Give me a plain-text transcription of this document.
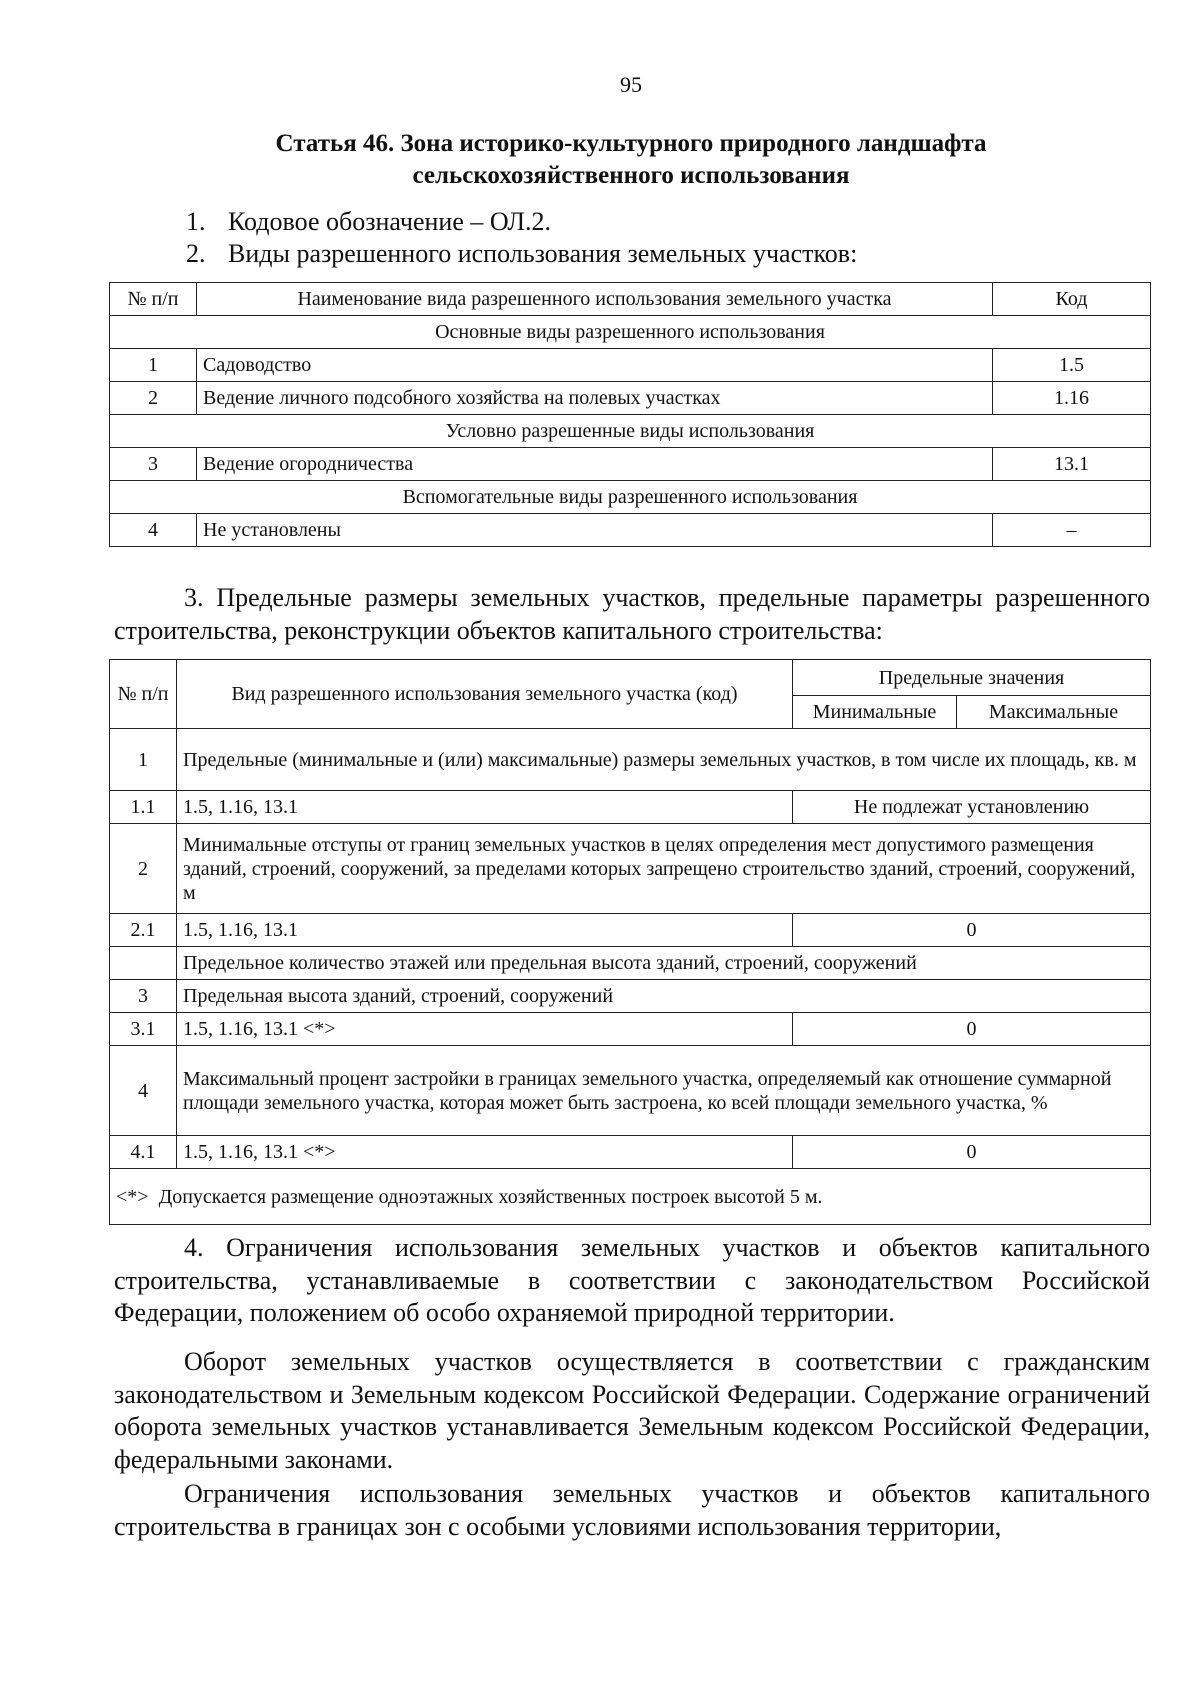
95
Статья 46. Зона историко-культурного природного ландшафта
сельскохозяйственного использования
1. Кодовое обозначение – ОЛ.2.
2. Виды разрешенного использования земельных участков:
№ п/п	Наименование вида разрешенного использования земельного участка	Код
Основные виды разрешенного использования		
1	Садоводство	1.5
2	Ведение личного подсобного хозяйства на полевых участках	1.16
Условно разрешенные виды использования		
3	Ведение огородничества	13.1
Вспомогательные виды разрешенного использования		
4	Не установлены	–
3. Предельные размеры земельных участков, предельные параметры разрешенного строительства, реконструкции объектов капитального строительства:
№ п/п	Вид разрешенного использования земельного участка (код)	Предельные значения	
		Минимальные	Максимальные
1	Предельные (минимальные и (или) максимальные) размеры земельных участков, в том числе их площадь, кв. м		
1.1	1.5, 1.16, 13.1	Не подлежат установлению	
2	Минимальные отступы от границ земельных участков в целях определения мест допустимого размещения зданий, строений, сооружений, за пределами которых запрещено строительство зданий, строений, сооружений, м		
2.1	1.5, 1.16, 13.1	0	
	Предельное количество этажей или предельная высота зданий, строений, сооружений		
3	Предельная высота зданий, строений, сооружений		
3.1	1.5, 1.16, 13.1 <*>	0	
4	Максимальный процент застройки в границах земельного участка, определяемый как отношение суммарной площади земельного участка, которая может быть застроена, ко всей площади земельного участка, %		
4.1	1.5, 1.16, 13.1 <*>	0	
<*> Допускается размещение одноэтажных хозяйственных построек высотой 5 м.			
4. Ограничения использования земельных участков и объектов капитального строительства, устанавливаемые в соответствии с законодательством Российской Федерации, положением об особо охраняемой природной территории.
Оборот земельных участков осуществляется в соответствии с гражданским законодательством и Земельным кодексом Российской Федерации. Содержание ограничений оборота земельных участков устанавливается Земельным кодексом Российской Федерации, федеральными законами.
Ограничения использования земельных участков и объектов капитального строительства в границах зон с особыми условиями использования территории,
